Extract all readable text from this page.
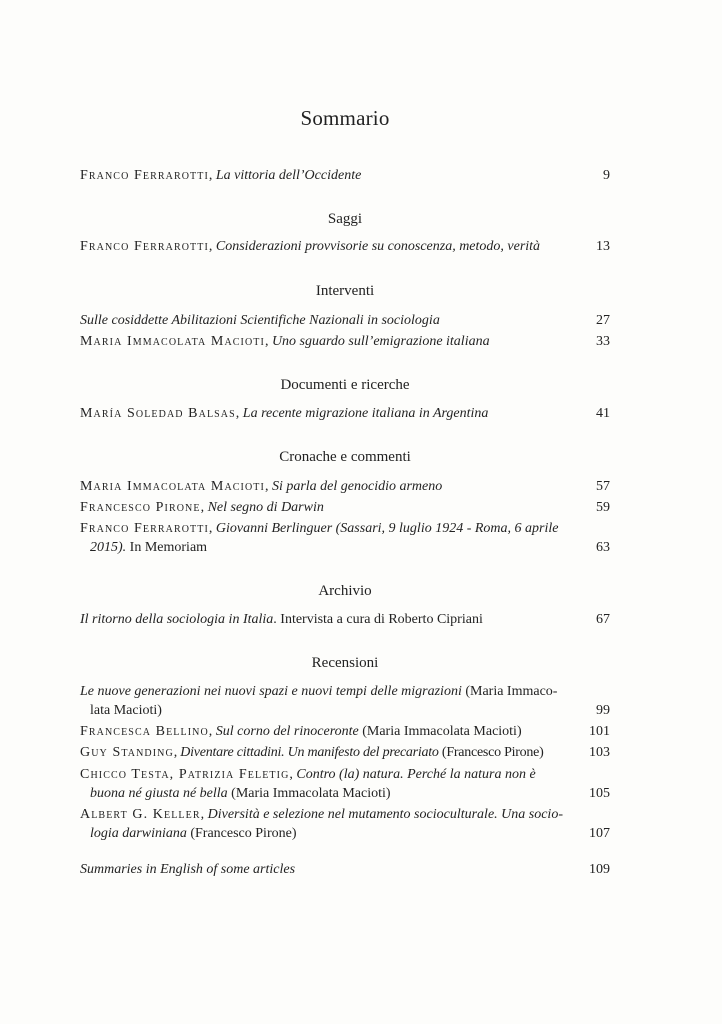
Sommario
Franco Ferrarotti, La vittoria dell’Occidente	9
Saggi
Franco Ferrarotti, Considerazioni provvisorie su conoscenza, metodo, verità	13
Interventi
Sulle cosiddette Abilitazioni Scientifiche Nazionali in sociologia	27
Maria Immacolata Macioti, Uno sguardo sull’emigrazione italiana	33
Documenti e ricerche
María Soledad Balsas, La recente migrazione italiana in Argentina	41
Cronache e commenti
Maria Immacolata Macioti, Si parla del genocidio armeno	57
Francesco Pirone, Nel segno di Darwin	59
Franco Ferrarotti, Giovanni Berlinguer (Sassari, 9 luglio 1924 - Roma, 6 aprile
2015). In Memoriam	63
Archivio
Il ritorno della sociologia in Italia. Intervista a cura di Roberto Cipriani	67
Recensioni
Le nuove generazioni nei nuovi spazi e nuovi tempi delle migrazioni (Maria Immaco-
lata Macioti)	99
Francesca Bellino, Sul corno del rinoceronte (Maria Immacolata Macioti)	101
Guy Standing, Diventare cittadini. Un manifesto del precariato (Francesco Pirone)	103
Chicco Testa, Patrizia Feletig, Contro (la) natura. Perché la natura non è
buona né giusta né bella (Maria Immacolata Macioti)	105
Albert G. Keller, Diversità e selezione nel mutamento socioculturale. Una socio-
logia darwiniana (Francesco Pirone)	107
Summaries in English of some articles	109
